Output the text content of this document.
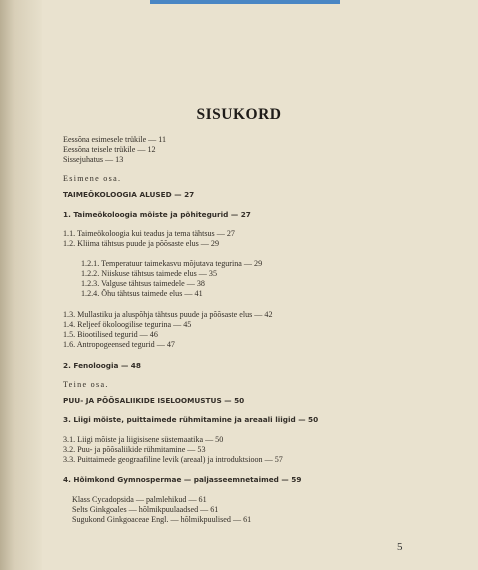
SISUKORD
Eessõna esimesele trükile — 11
Eessõna teisele trükile — 12
Sissejuhatus — 13
Esimene osa.
TAIMEÖKOLOOGIA ALUSED — 27
1. Taimeökoloogia mõiste ja põhitegurid — 27
1.1. Taimeökoloogia kui teadus ja tema tähtsus — 27
1.2. Kliima tähtsus puude ja põõsaste elus — 29
1.2.1. Temperatuur taimekasvu mõjutava tegurina — 29
1.2.2. Niiskuse tähtsus taimede elus — 35
1.2.3. Valguse tähtsus taimedele — 38
1.2.4. Õhu tähtsus taimede elus — 41
1.3. Mullastiku ja aluspõhja tähtsus puude ja põõsaste elus — 42
1.4. Reljeef ökoloogilise tegurina — 45
1.5. Biootilised tegurid — 46
1.6. Antropogeensed tegurid — 47
2. Fenoloogia — 48
Teine osa.
PUU- JA PÕÕSALIIKIDE ISELOOMUSTUS — 50
3. Liigi mõiste, puittaimede rühmitamine ja areaali liigid — 50
3.1. Liigi mõiste ja liigisisene süstemaatika — 50
3.2. Puu- ja põõsaliikide rühmitamine — 53
3.3. Puittaimede geograafiline levik (areaal) ja introduktsioon — 57
4. Hõimkond Gymnospermae — paljasseemnetaimed — 59
Klass Cycadopsida — palmlehikud — 61
Selts Ginkgoales — hõlmikpuulaadsed — 61
Sugukond Ginkgoaceae Engl. — hõlmikpuulised — 61
5
